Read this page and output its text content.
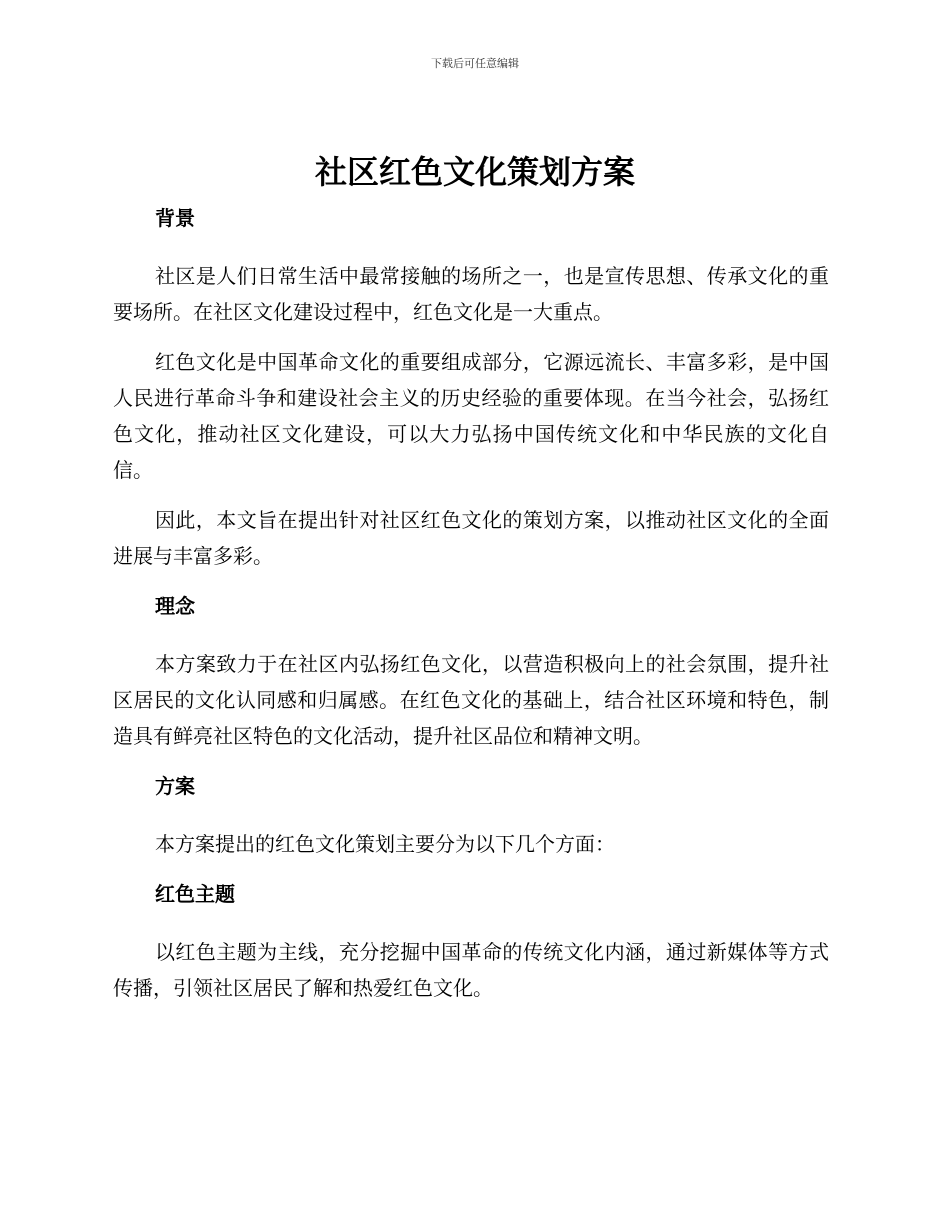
下载后可任意编辑
社区红色文化策划方案
背景

社区是人们日常生活中最常接触的场所之一，也是宣传思想、传承文化的重要场所。在社区文化建设过程中，红色文化是一大重点。

红色文化是中国革命文化的重要组成部分，它源远流长、丰富多彩，是中国人民进行革命斗争和建设社会主义的历史经验的重要体现。在当今社会，弘扬红色文化，推动社区文化建设，可以大力弘扬中国传统文化和中华民族的文化自信。

因此，本文旨在提出针对社区红色文化的策划方案，以推动社区文化的全面进展与丰富多彩。

理念

本方案致力于在社区内弘扬红色文化，以营造积极向上的社会氛围，提升社区居民的文化认同感和归属感。在红色文化的基础上，结合社区环境和特色，制造具有鲜亮社区特色的文化活动，提升社区品位和精神文明。

方案

本方案提出的红色文化策划主要分为以下几个方面：

红色主题

以红色主题为主线，充分挖掘中国革命的传统文化内涵，通过新媒体等方式传播，引领社区居民了解和热爱红色文化。
